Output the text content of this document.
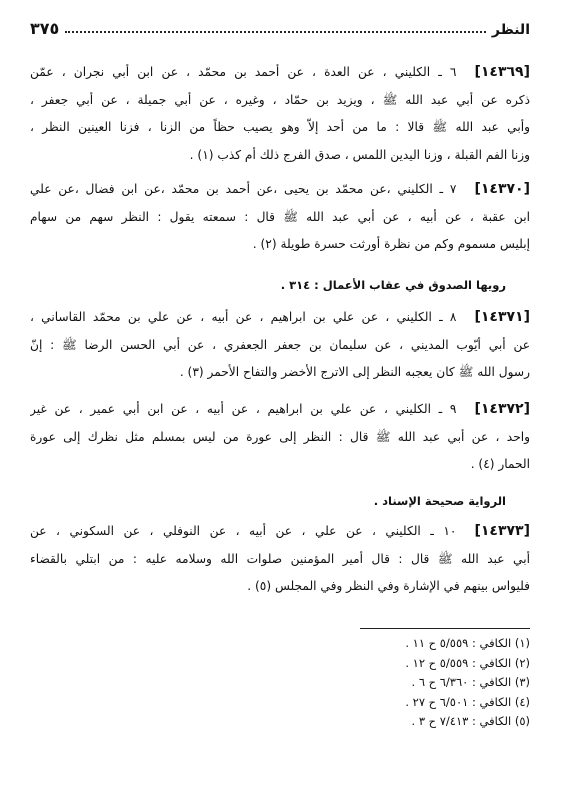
النظر
٣٧٥
[١٤٣٦٩]
٦ ـ الكليني ، عن العدة ، عن أحمد بن محمّد ، عن ابن أبي نجران ، عمّن
ذكره عن أبي عبد الله ﷺ ، ويزيد بن حمّاد ، وغيره ، عن أبي جميلة ، عن أبي جعفر ،
وأبي عبد الله ﷺ قالا : ما من أحد إلاّ وهو يصيب حظاً من الزنا ، فزنا العينين النظر ،
وزنا الفم القبلة ، وزنا اليدين اللمس ، صدق الفرج ذلك أم كذب (١) .
[١٤٣٧٠]
٧ ـ الكليني ،عن محمّد بن يحيى ،عن أحمد بن محمّد ،عن ابن فضال ،عن علي
ابن عقبة ، عن أبيه ، عن أبي عبد الله ﷺ قال : سمعته يقول : النظر سهم من سهام
إبليس مسموم وكم من نظرة أورثت حسرة طويلة (٢) .
رويها الصدوق في عقاب الأعمال : ٣١٤ .
[١٤٣٧١]
٨ ـ الكليني ، عن علي بن ابراهيم ، عن أبيه ، عن علي بن محمّد القاساني ،
عن أبي أيّوب المديني ، عن سليمان بن جعفر الجعفري ، عن أبي الحسن الرضا ﷺ : إنّ
رسول الله ﷺ كان يعجبه النظر إلى الاترج الأخضر والتفاح الأحمر (٣) .
[١٤٣٧٢]
٩ ـ الكليني ، عن علي بن ابراهيم ، عن أبيه ، عن ابن أبي عمير ، عن غير
واحد ، عن أبي عبد الله ﷺ قال : النظر إلى عورة من ليس بمسلم مثل نظرك إلى عورة
الحمار (٤) .
الرواية صحيحة الإسناد .
[١٤٣٧٣]
١٠ ـ الكليني ، عن علي ، عن أبيه ، عن النوفلي ، عن السكوني ، عن
أبي عبد الله ﷺ قال : قال أمير المؤمنين صلوات الله وسلامه عليه : من ابتلي بالقضاء
فليواس بينهم في الإشارة وفي النظر وفي المجلس (٥) .
(١) الكافي : ٥/٥٥٩ ح ١١ .
(٢) الكافي : ٥/٥٥٩ ح ١٢ .
(٣) الكافي : ٦/٣٦٠ ح ٦ .
(٤) الكافي : ٦/٥٠١ ح ٢٧ .
(٥) الكافي : ٧/٤١٣ ح ٣ .
